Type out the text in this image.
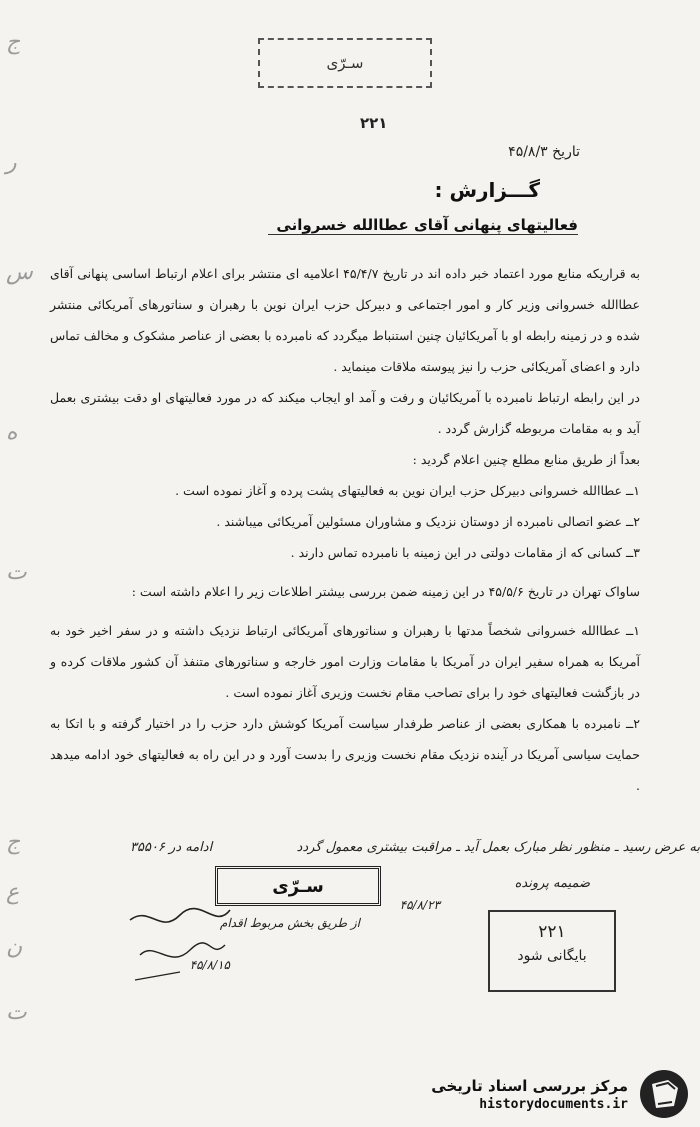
ج
ر
س
ه
ت
ج
ع
ن
ت
سـرّی
۲۲۱
تاریخ ۴۵/۸/۳
گـــزارش :
فعالیتهای پنهانی آقای عطاالله خسروانی

به قراریکه منابع مورد اعتماد خبر داده اند در تاریخ ۴۵/۴/۷ اعلامیه ای منتشر برای اعلام ارتباط اساسی پنهانی آقای عطاالله خسروانی وزیر کار و امور اجتماعی و دبیرکل حزب ایران نوین با رهبران و سناتورهای آمریکائی منتشر شده و در زمینه رابطه او با آمریکائیان چنین استنباط میگردد که نامبرده با بعضی از عناصر مشکوک و مخالف تماس دارد و اعضای آمریکائی حزب را نیز پیوسته ملاقات مینماید .

در این رابطه ارتباط نامبرده با آمریکائیان و رفت و آمد او ایجاب میکند که در مورد فعالیتهای او دقت بیشتری بعمل آید و به مقامات مربوطه گزارش گردد .

بعداً از طریق منابع مطلع چنین اعلام گردید :

۱ــ عطاالله خسروانی دبیرکل حزب ایران نوین به فعالیتهای پشت پرده و آغاز نموده است .

۲ــ عضو اتصالی نامبرده از دوستان نزدیک و مشاوران مسئولین آمریکائی میباشند .

۳ــ کسانی که از مقامات دولتی در این زمینه با نامبرده تماس دارند .

ساواک تهران در تاریخ ۴۵/۵/۶ در این زمینه ضمن بررسی بیشتر اطلاعات زیر را اعلام داشته است :

۱ــ عطاالله خسروانی شخصاً مدتها با رهبران و سناتورهای آمریکائی ارتباط نزدیک داشته و در سفر اخیر خود به آمریکا به همراه سفیر ایران در آمریکا با مقامات وزارت امور خارجه و سناتورهای متنفذ آن کشور ملاقات کرده و در بازگشت فعالیتهای خود را برای تصاحب مقام نخست وزیری آغاز نموده است .

۲ــ نامبرده با همکاری بعضی از عناصر طرفدار سیاست آمریکا کوشش دارد حزب را در اختیار گرفته و با اتکا به حمایت سیاسی آمریکا در آینده نزدیک مقام نخست وزیری را بدست آورد و در این راه به فعالیتهای خود ادامه میدهد .

به عرض رسید ـ منظور نظر مبارک بعمل آید ـ مراقبت بیشتری معمول گردد
ادامه در ۳۵۵۰۶
ضمیمه پرونده
از طریق بخش مربوط اقدام
۴۵/۸/۱۵
۴۵/۸/۲۳
سـرّی
۲۲۱
بایگانی شود
مرکز بررسی اسناد تاریخی
historydocuments.ir
